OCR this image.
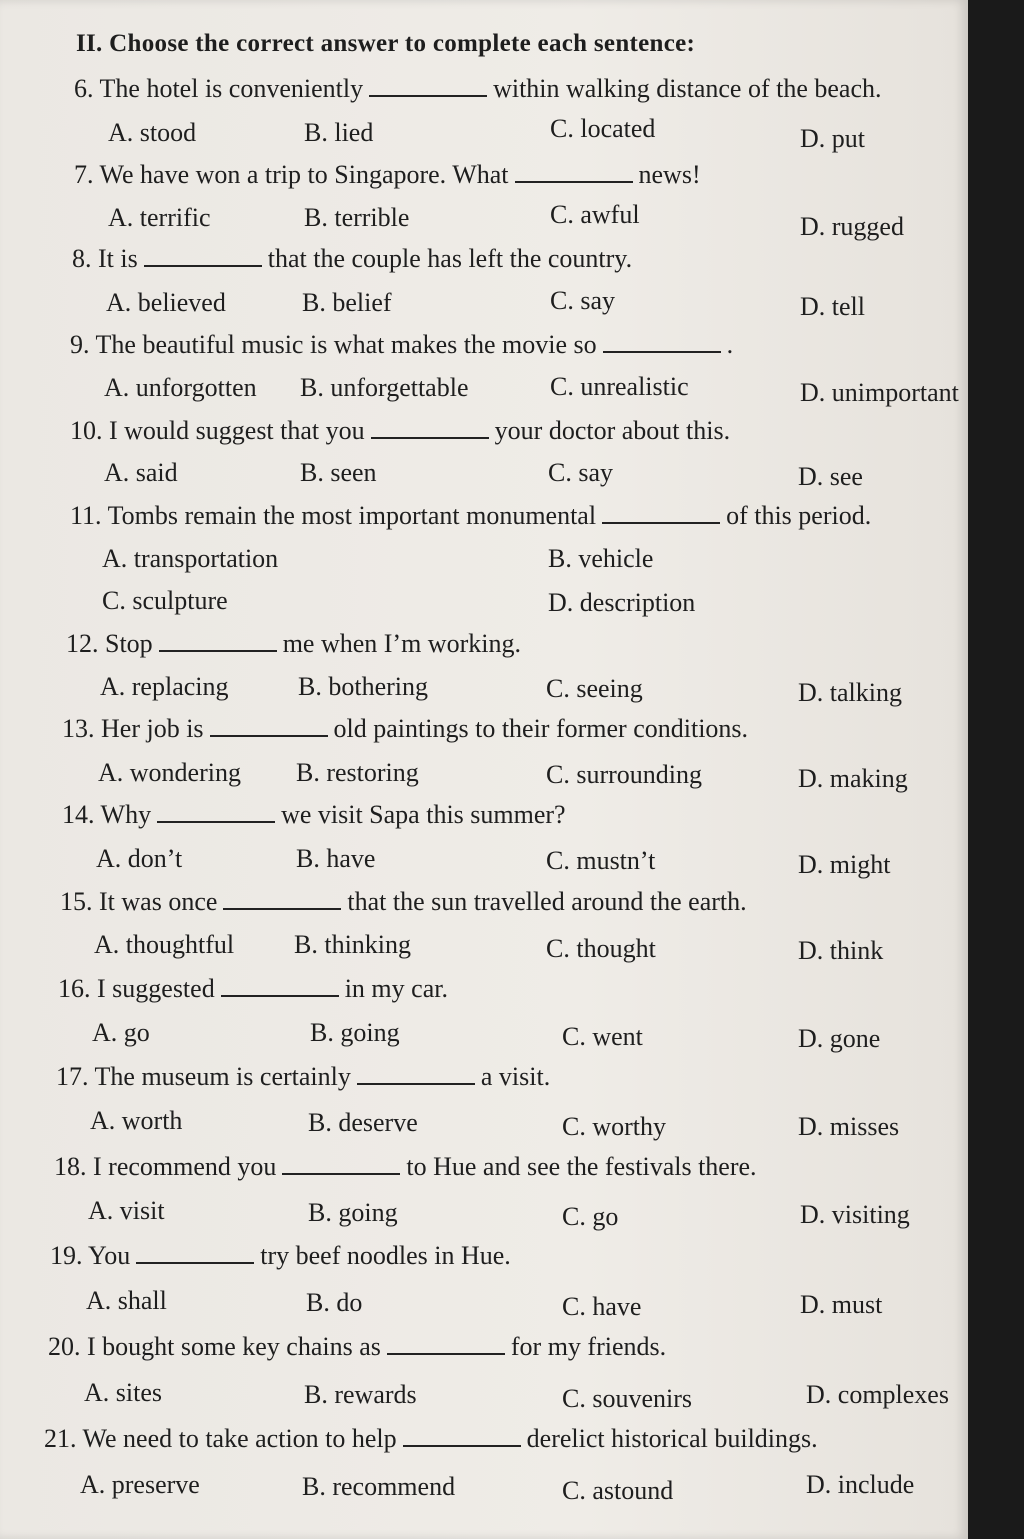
II. Choose the correct answer to complete each sentence:
6. The hotel is conveniently	within walking distance of the beach.
A. stood	B. lied	C. located	D. put
7. We have won a trip to Singapore. What	news!
A. terrific	B. terrible	C. awful	D. rugged
8. It is	that the couple has left the country.
A. believed	B. belief	C. say	D. tell
9. The beautiful music is what makes the movie so	.
A. unforgotten B. unforgettable	C. unrealistic	D. unimportant
10. I would suggest that you	your doctor about this.
A. said	B. seen	C. say	D. see
11. Tombs remain the most important monumental	of this period.
A. transportation	B. vehicle
C. sculpture	D. description
12. Stop	me when I’m working.
A. replacing	B. bothering	C. seeing	D. talking
13. Her job is	old paintings to their former conditions.
A. wondering B. restoring	C. surrounding	D. making
14. Why	we visit Sapa this summer?
A. don’t	B. have	C. mustn’t	D. might
15. It was once	that the sun travelled around the earth.
A. thoughtful B. thinking	C. thought	D. think
16. I suggested	in my car.
A. go	B. going	C. went	D. gone
17. The museum is certainly	a visit.
A. worth	B. deserve	C. worthy	D. misses
18. I recommend you	to Hue and see the festivals there.
A. visit	B. going	C. go	D. visiting
19. You	try beef noodles in Hue.
A. shall	B. do	C. have	D. must
20. I bought some key chains as	for my friends.
A. sites	B. rewards	C. souvenirs	D. complexes
21. We need to take action to help	derelict historical buildings.
A. preserve	B. recommend	C. astound	D. include
